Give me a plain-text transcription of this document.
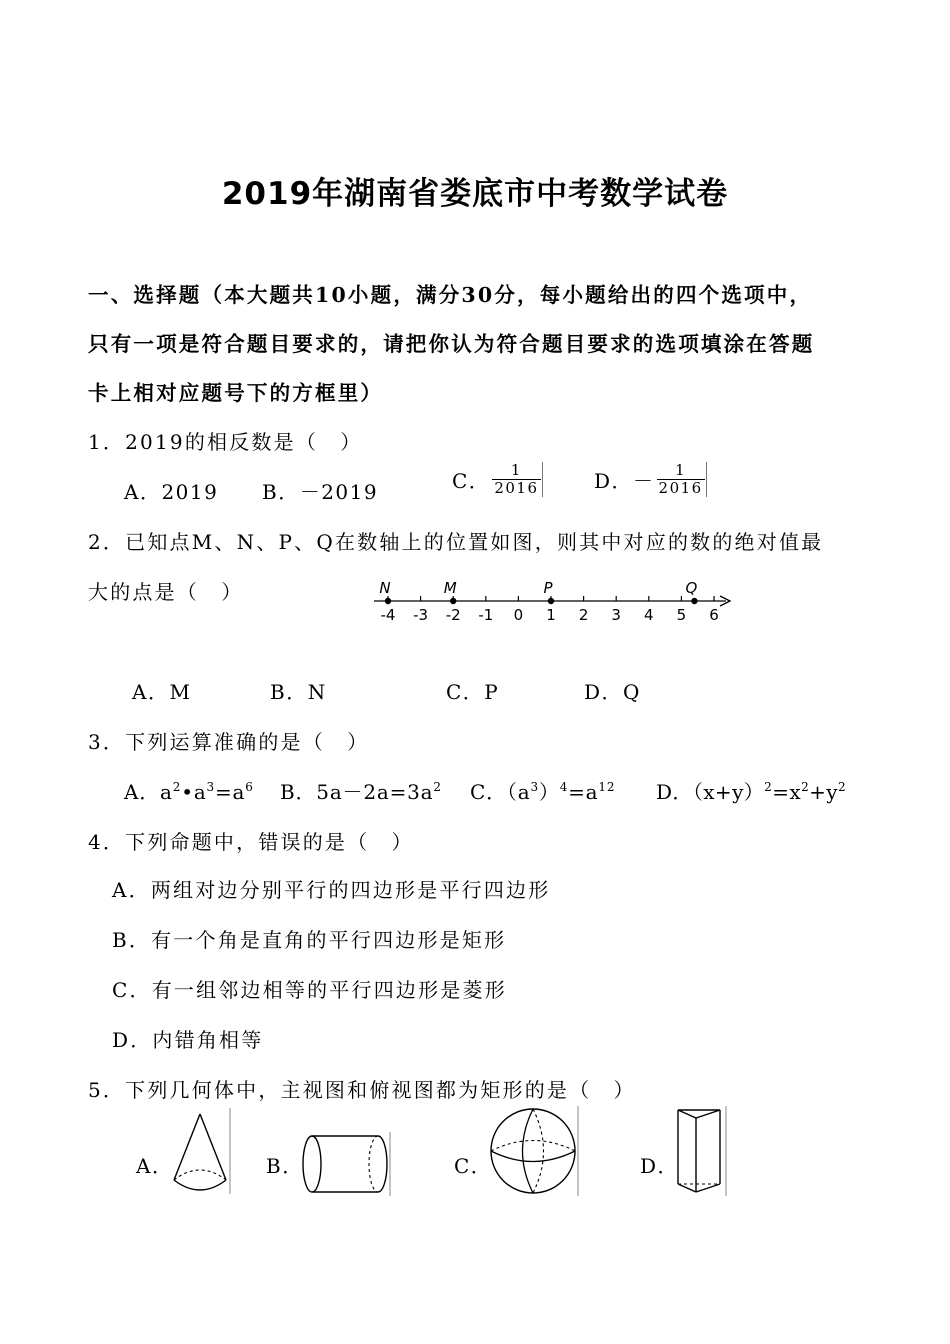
2019年湖南省娄底市中考数学试卷
一、选择题（本大题共10小题，满分30分，每小题给出的四个选项中，
只有一项是符合题目要求的，请把你认为符合题目要求的选项填涂在答题
卡上相对应题号下的方框里）
1．2019的相反数是（　）
A．2019 B．－2019	C． $\frac{1}{2016}$	D．－ $\frac{1}{2016}$
2．已知点M、N、P、Q在数轴上的位置如图，则其中对应的数的绝对值最
大的点是（　）
-4 -3 -2 -1 0 1 2 3 4 5 6
N	M	P	Q
A．M	B．N	C．P	D．Q
3．下列运算准确的是（　）
A．$a^2•a^3=a^6$ B．$5a-2a=3a^2$ C．$(a^3)^4=a^{12}$ D．$(x+y)^2=x^2+y^2$
4．下列命题中，错误的是（　）
A．两组对边分别平行的四边形是平行四边形
B．有一个角是直角的平行四边形是矩形
C．有一组邻边相等的平行四边形是菱形
D．内错角相等
5．下列几何体中，主视图和俯视图都为矩形的是（　）
A．	B．	C．	D．
